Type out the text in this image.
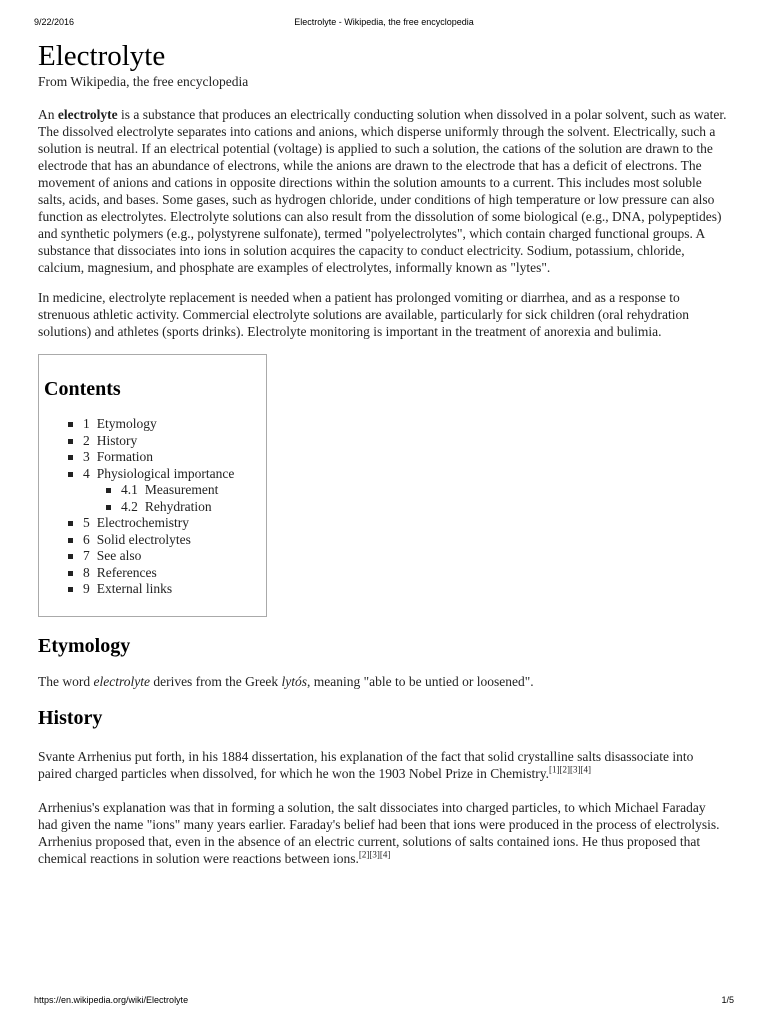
9/22/2016	Electrolyte - Wikipedia, the free encyclopedia
Electrolyte
From Wikipedia, the free encyclopedia

An electrolyte is a substance that produces an electrically conducting solution when dissolved in a polar solvent, such as water. The dissolved electrolyte separates into cations and anions, which disperse uniformly through the solvent. Electrically, such a solution is neutral. If an electrical potential (voltage) is applied to such a solution, the cations of the solution are drawn to the electrode that has an abundance of electrons, while the anions are drawn to the electrode that has a deficit of electrons. The movement of anions and cations in opposite directions within the solution amounts to a current. This includes most soluble salts, acids, and bases. Some gases, such as hydrogen chloride, under conditions of high temperature or low pressure can also function as electrolytes. Electrolyte solutions can also result from the dissolution of some biological (e.g., DNA, polypeptides) and synthetic polymers (e.g., polystyrene sulfonate), termed "polyelectrolytes", which contain charged functional groups. A substance that dissociates into ions in solution acquires the capacity to conduct electricity. Sodium, potassium, chloride, calcium, magnesium, and phosphate are examples of electrolytes, informally known as "lytes".

In medicine, electrolyte replacement is needed when a patient has prolonged vomiting or diarrhea, and as a response to strenuous athletic activity. Commercial electrolyte solutions are available, particularly for sick children (oral rehydration solutions) and athletes (sports drinks). Electrolyte monitoring is important in the treatment of anorexia and bulimia.

Contents
1 Etymology
2 History
3 Formation
4 Physiological importance
4.1 Measurement
4.2 Rehydration
5 Electrochemistry
6 Solid electrolytes
7 See also
8 References
9 External links
Etymology

The word electrolyte derives from the Greek lytós, meaning "able to be untied or loosened".

History

Svante Arrhenius put forth, in his 1884 dissertation, his explanation of the fact that solid crystalline salts disassociate into paired charged particles when dissolved, for which he won the 1903 Nobel Prize in Chemistry.[1][2][3][4]

Arrhenius's explanation was that in forming a solution, the salt dissociates into charged particles, to which Michael Faraday had given the name "ions" many years earlier. Faraday's belief had been that ions were produced in the process of electrolysis. Arrhenius proposed that, even in the absence of an electric current, solutions of salts contained ions. He thus proposed that chemical reactions in solution were reactions between ions.[2][3][4]

https://en.wikipedia.org/wiki/Electrolyte	1/5
